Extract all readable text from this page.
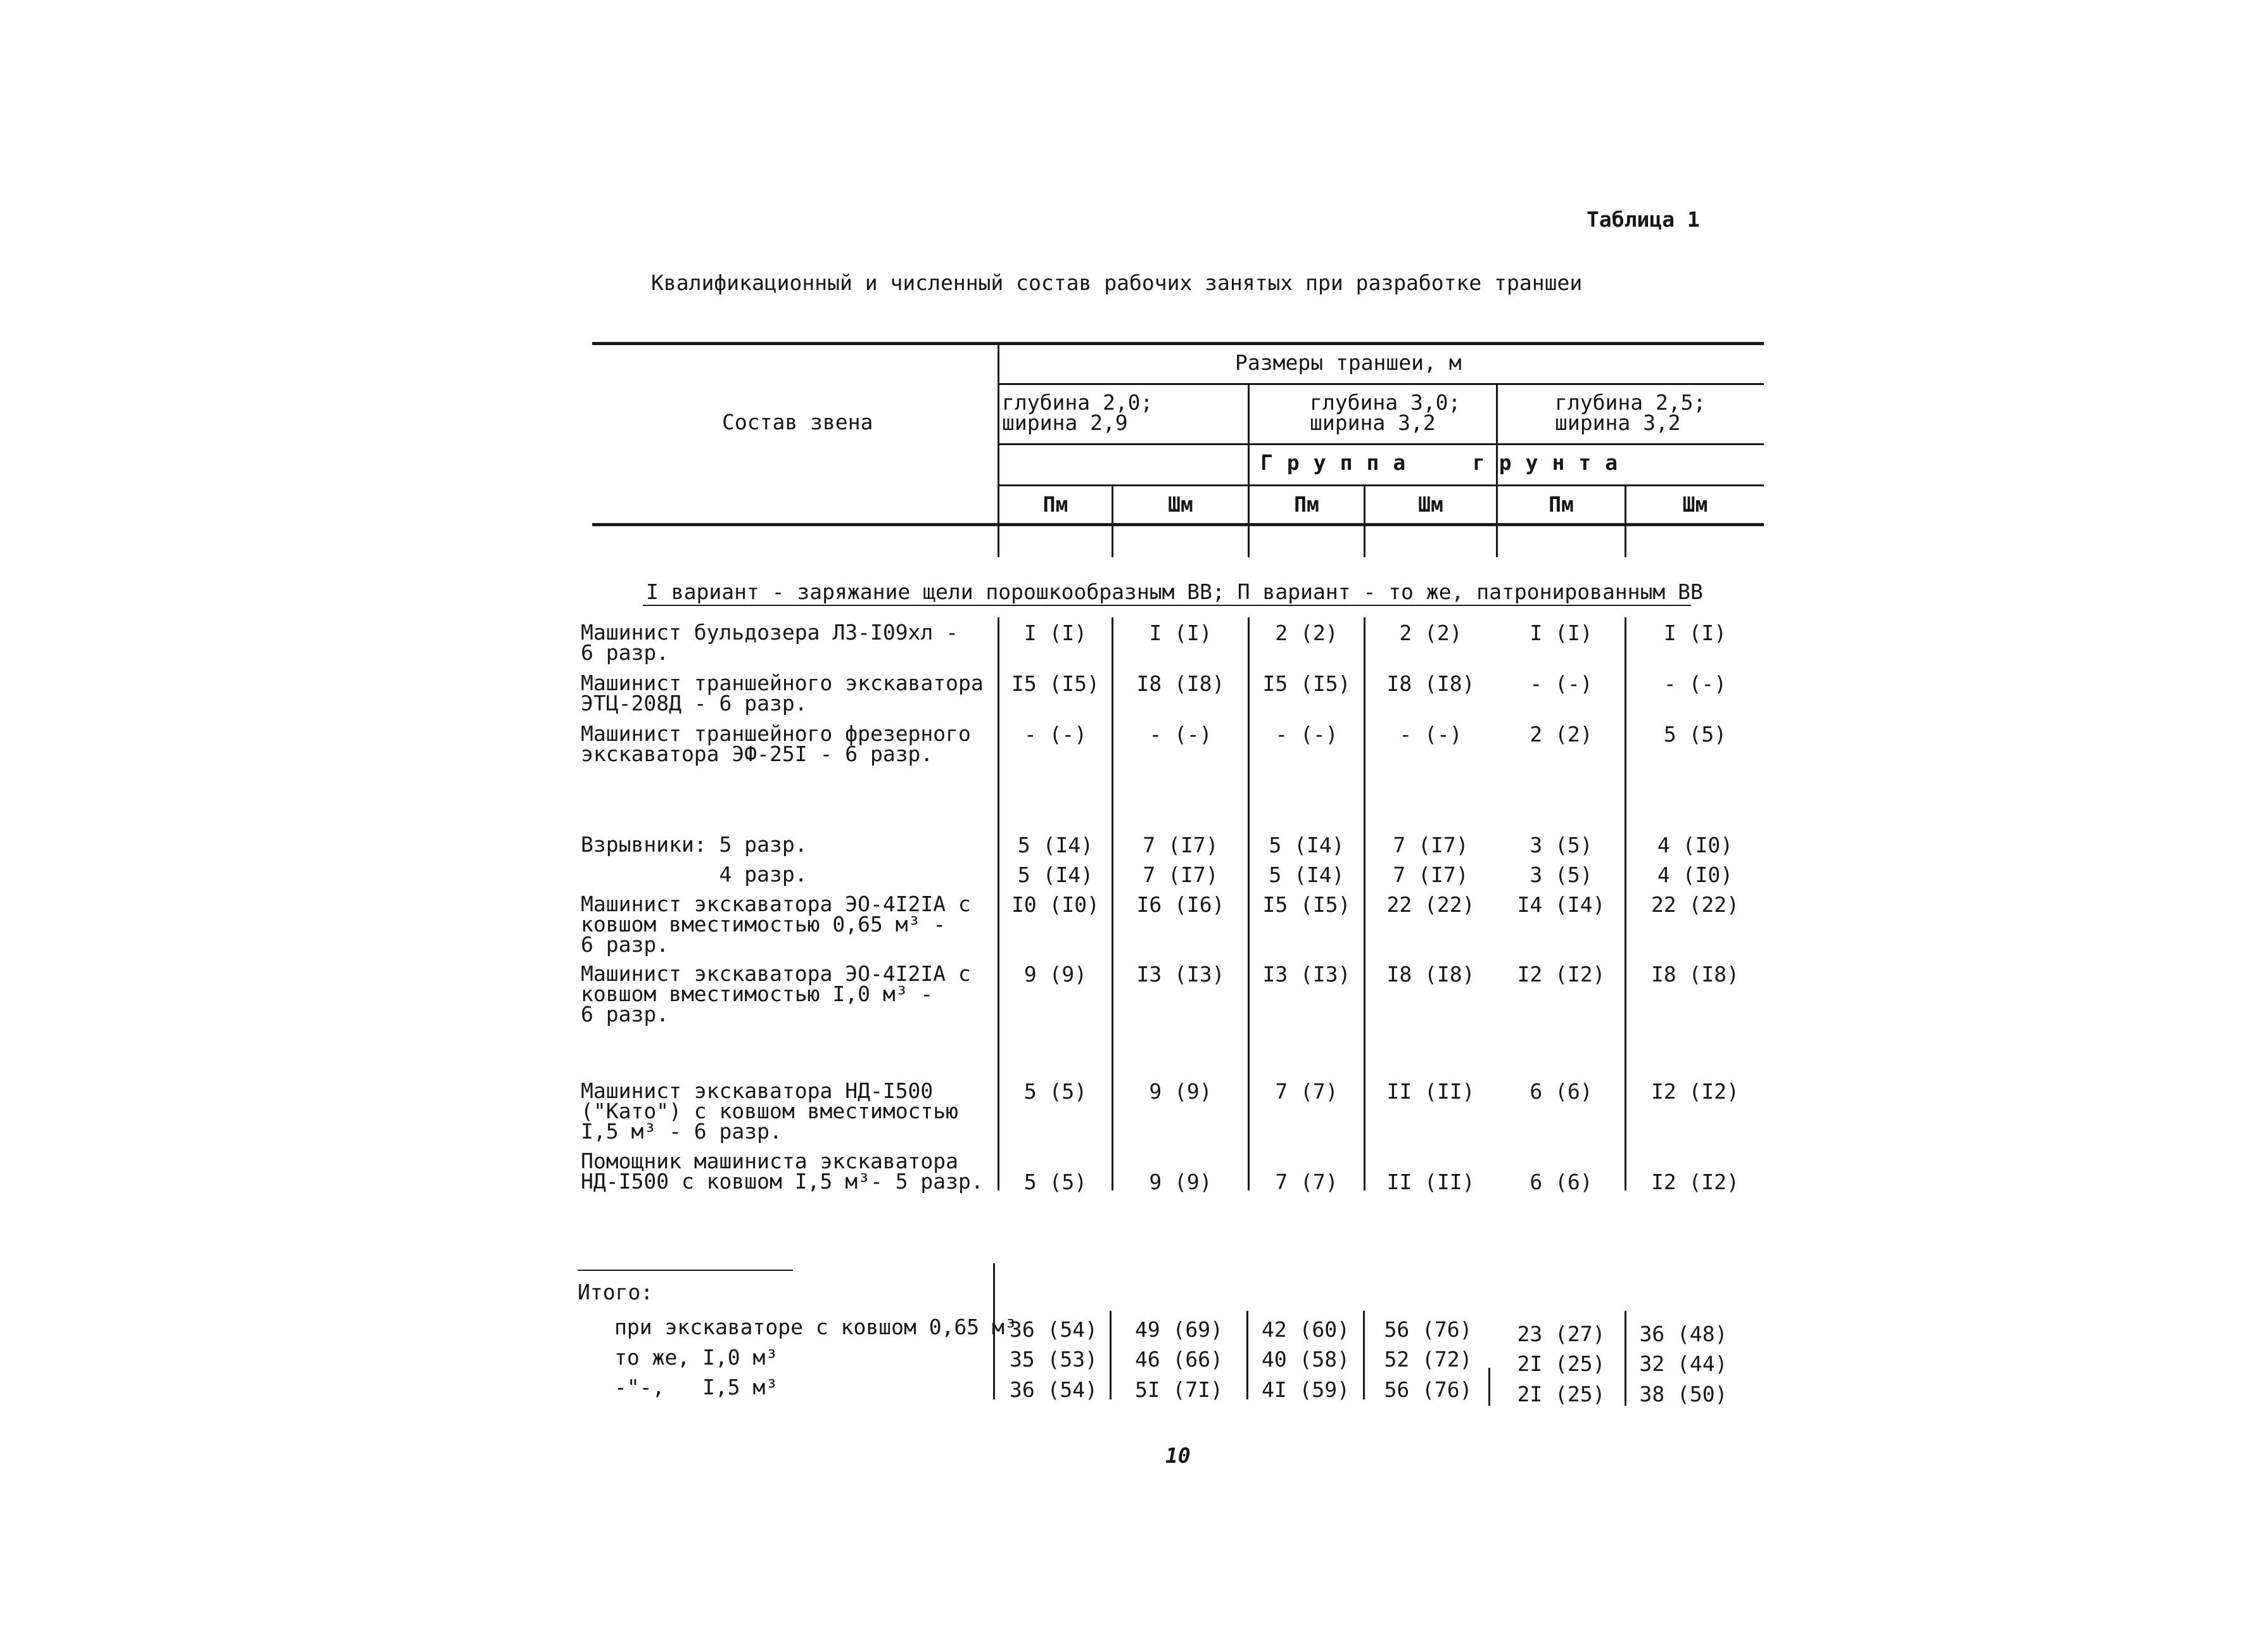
Таблица 1
Квалификационный и численный состав рабочих занятых при разработке траншеи
Состав звена
Размеры траншеи, м
глубина 2,0;
ширина 2,9
глубина 3,0;
ширина 3,2
глубина 2,5;
ширина 3,2
Группа  грунта
Пм	Шм	Пм	Шм	Пм	Шм
I вариант - заряжание щели порошкообразным ВВ; П вариант - то же, патронированным ВВ
Машинист бульдозера ЛЗ-I09хл -
6 разр.
I (I)	I (I)	2 (2)	2 (2)	I (I)	I (I)
Машинист траншейного экскаватора
ЭТЦ-208Д - 6 разр.
I5 (I5)	I8 (I8)	I5 (I5)	I8 (I8)	- (-)	- (-)
Машинист траншейного фрезерного
экскаватора ЭФ-25I - 6 разр.
- (-)	- (-)	- (-)	- (-)	2 (2)	5 (5)
Взрывники: 5 разр.	5 (I4)	7 (I7)	5 (I4)	7 (I7)	3 (5)	4 (I0)
4 разр.	5 (I4)	7 (I7)	5 (I4)	7 (I7)	3 (5)	4 (I0)
Машинист экскаватора ЭО-4I2IA с
ковшом вместимостью 0,65 м³ -
6 разр.
I0 (I0)	I6 (I6)	I5 (I5)	22 (22)	I4 (I4)	22 (22)
Машинист экскаватора ЭО-4I2IA с
ковшом вместимостью I,0 м³ -
6 разр.
9 (9)	I3 (I3)	I3 (I3)	I8 (I8)	I2 (I2)	I8 (I8)
Машинист экскаватора НД-I500
("Като") с ковшом вместимостью
I,5 м³ - 6 разр.
5 (5)	9 (9)	7 (7)	II (II)	6 (6)	I2 (I2)
Помощник машиниста экскаватора
НД-I500 с ковшом I,5 м³- 5 разр.	5 (5)	9 (9)	7 (7)	II (II)	6 (6)	I2 (I2)
Итого:
при экскаваторе с ковшом 0,65 м³
36 (54)	49 (69)	42 (60)	56 (76)	23 (27)	36 (48)
то же, I,0 м³	35 (53)	46 (66)	40 (58)	52 (72)	2I (25)	32 (44)
-"-,   I,5 м³	36 (54)	5I (7I)	4I (59)	56 (76)	2I (25)	38 (50)
10
